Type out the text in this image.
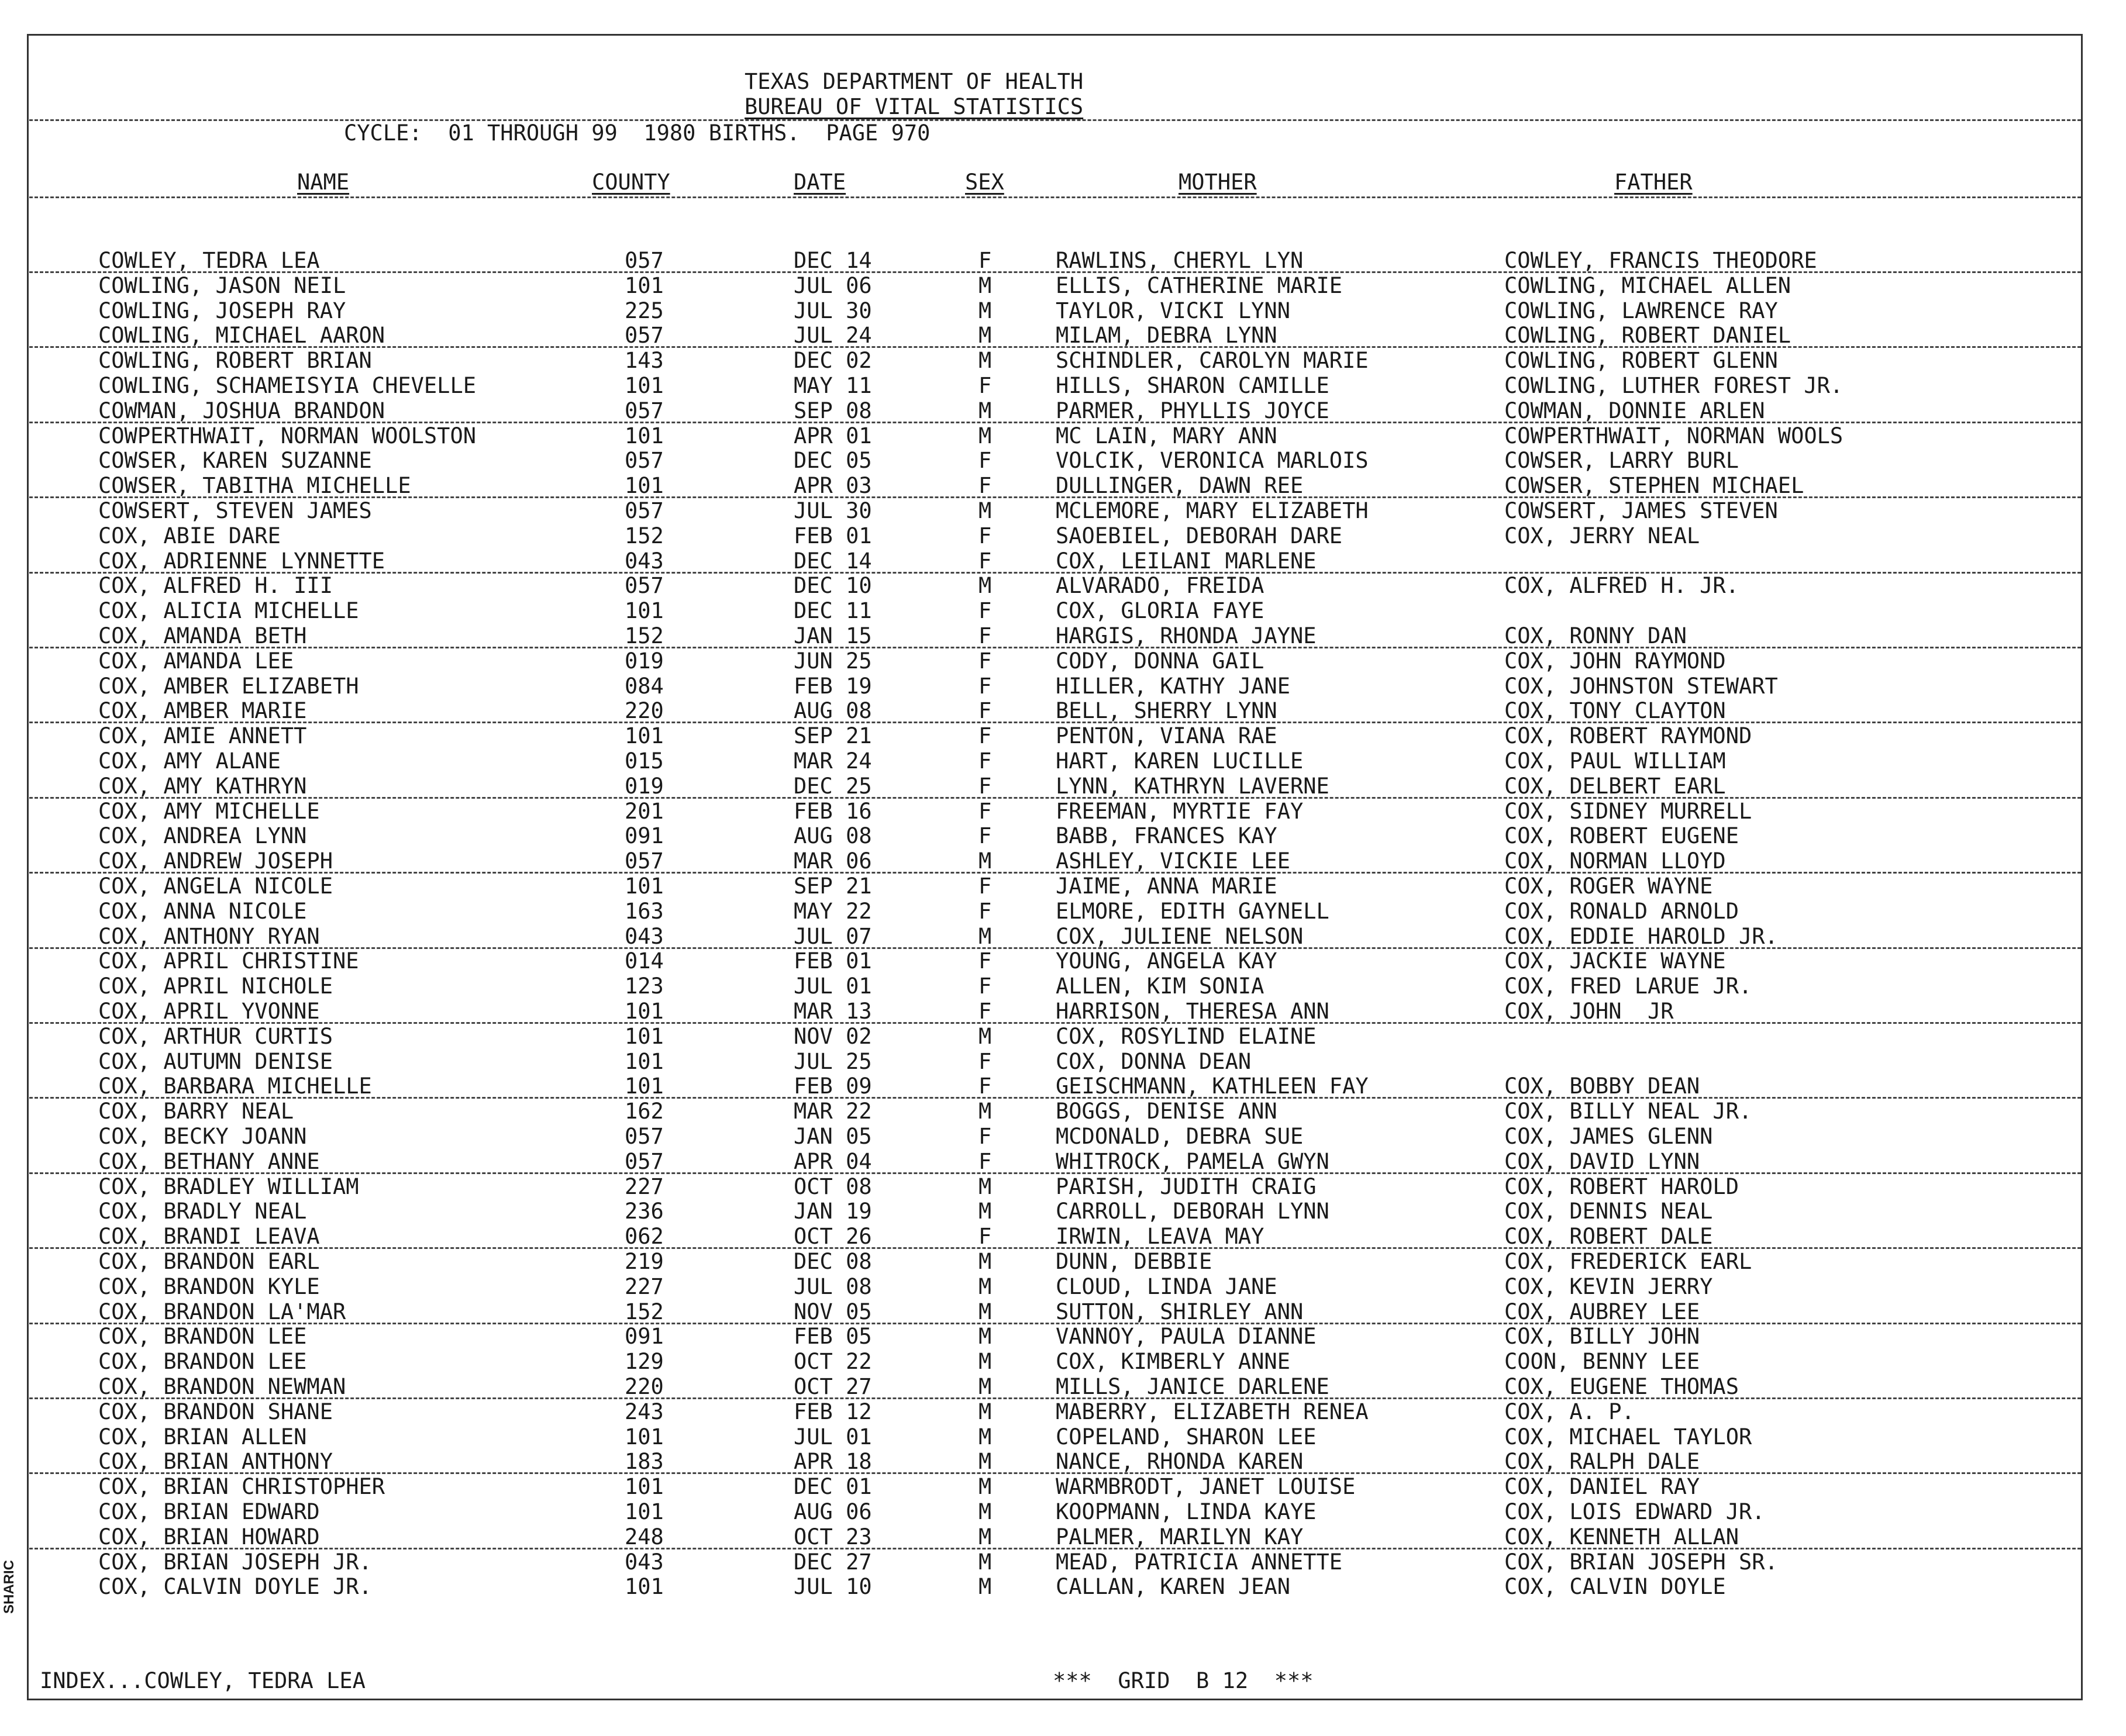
SHARIC
TEXAS DEPARTMENT OF HEALTH
BUREAU OF VITAL STATISTICS
CYCLE:  01 THROUGH 99  1980 BIRTHS.  PAGE 970
NAME	COUNTY	DATE	SEX	MOTHER	FATHER
COWLEY, TEDRA LEA	057	DEC 14	F	RAWLINS, CHERYL LYN	COWLEY, FRANCIS THEODORE
COWLING, JASON NEIL	101	JUL 06	M	ELLIS, CATHERINE MARIE	COWLING, MICHAEL ALLEN
COWLING, JOSEPH RAY	225	JUL 30	M	TAYLOR, VICKI LYNN	COWLING, LAWRENCE RAY
COWLING, MICHAEL AARON	057	JUL 24	M	MILAM, DEBRA LYNN	COWLING, ROBERT DANIEL
COWLING, ROBERT BRIAN	143	DEC 02	M	SCHINDLER, CAROLYN MARIE	COWLING, ROBERT GLENN
COWLING, SCHAMEISYIA CHEVELLE	101	MAY 11	F	HILLS, SHARON CAMILLE	COWLING, LUTHER FOREST JR.
COWMAN, JOSHUA BRANDON	057	SEP 08	M	PARMER, PHYLLIS JOYCE	COWMAN, DONNIE ARLEN
COWPERTHWAIT, NORMAN WOOLSTON	101	APR 01	M	MC LAIN, MARY ANN	COWPERTHWAIT, NORMAN WOOLS
COWSER, KAREN SUZANNE	057	DEC 05	F	VOLCIK, VERONICA MARLOIS	COWSER, LARRY BURL
COWSER, TABITHA MICHELLE	101	APR 03	F	DULLINGER, DAWN REE	COWSER, STEPHEN MICHAEL
COWSERT, STEVEN JAMES	057	JUL 30	M	MCLEMORE, MARY ELIZABETH	COWSERT, JAMES STEVEN
COX, ABIE DARE	152	FEB 01	F	SAOEBIEL, DEBORAH DARE	COX, JERRY NEAL
COX, ADRIENNE LYNNETTE	043	DEC 14	F	COX, LEILANI MARLENE
COX, ALFRED H. III	057	DEC 10	M	ALVARADO, FREIDA	COX, ALFRED H. JR.
COX, ALICIA MICHELLE	101	DEC 11	F	COX, GLORIA FAYE
COX, AMANDA BETH	152	JAN 15	F	HARGIS, RHONDA JAYNE	COX, RONNY DAN
COX, AMANDA LEE	019	JUN 25	F	CODY, DONNA GAIL	COX, JOHN RAYMOND
COX, AMBER ELIZABETH	084	FEB 19	F	HILLER, KATHY JANE	COX, JOHNSTON STEWART
COX, AMBER MARIE	220	AUG 08	F	BELL, SHERRY LYNN	COX, TONY CLAYTON
COX, AMIE ANNETT	101	SEP 21	F	PENTON, VIANA RAE	COX, ROBERT RAYMOND
COX, AMY ALANE	015	MAR 24	F	HART, KAREN LUCILLE	COX, PAUL WILLIAM
COX, AMY KATHRYN	019	DEC 25	F	LYNN, KATHRYN LAVERNE	COX, DELBERT EARL
COX, AMY MICHELLE	201	FEB 16	F	FREEMAN, MYRTIE FAY	COX, SIDNEY MURRELL
COX, ANDREA LYNN	091	AUG 08	F	BABB, FRANCES KAY	COX, ROBERT EUGENE
COX, ANDREW JOSEPH	057	MAR 06	M	ASHLEY, VICKIE LEE	COX, NORMAN LLOYD
COX, ANGELA NICOLE	101	SEP 21	F	JAIME, ANNA MARIE	COX, ROGER WAYNE
COX, ANNA NICOLE	163	MAY 22	F	ELMORE, EDITH GAYNELL	COX, RONALD ARNOLD
COX, ANTHONY RYAN	043	JUL 07	M	COX, JULIENE NELSON	COX, EDDIE HAROLD JR.
COX, APRIL CHRISTINE	014	FEB 01	F	YOUNG, ANGELA KAY	COX, JACKIE WAYNE
COX, APRIL NICHOLE	123	JUL 01	F	ALLEN, KIM SONIA	COX, FRED LARUE JR.
COX, APRIL YVONNE	101	MAR 13	F	HARRISON, THERESA ANN	COX, JOHN  JR
COX, ARTHUR CURTIS	101	NOV 02	M	COX, ROSYLIND ELAINE
COX, AUTUMN DENISE	101	JUL 25	F	COX, DONNA DEAN
COX, BARBARA MICHELLE	101	FEB 09	F	GEISCHMANN, KATHLEEN FAY	COX, BOBBY DEAN
COX, BARRY NEAL	162	MAR 22	M	BOGGS, DENISE ANN	COX, BILLY NEAL JR.
COX, BECKY JOANN	057	JAN 05	F	MCDONALD, DEBRA SUE	COX, JAMES GLENN
COX, BETHANY ANNE	057	APR 04	F	WHITROCK, PAMELA GWYN	COX, DAVID LYNN
COX, BRADLEY WILLIAM	227	OCT 08	M	PARISH, JUDITH CRAIG	COX, ROBERT HAROLD
COX, BRADLY NEAL	236	JAN 19	M	CARROLL, DEBORAH LYNN	COX, DENNIS NEAL
COX, BRANDI LEAVA	062	OCT 26	F	IRWIN, LEAVA MAY	COX, ROBERT DALE
COX, BRANDON EARL	219	DEC 08	M	DUNN, DEBBIE	COX, FREDERICK EARL
COX, BRANDON KYLE	227	JUL 08	M	CLOUD, LINDA JANE	COX, KEVIN JERRY
COX, BRANDON LA'MAR	152	NOV 05	M	SUTTON, SHIRLEY ANN	COX, AUBREY LEE
COX, BRANDON LEE	091	FEB 05	M	VANNOY, PAULA DIANNE	COX, BILLY JOHN
COX, BRANDON LEE	129	OCT 22	M	COX, KIMBERLY ANNE	COON, BENNY LEE
COX, BRANDON NEWMAN	220	OCT 27	M	MILLS, JANICE DARLENE	COX, EUGENE THOMAS
COX, BRANDON SHANE	243	FEB 12	M	MABERRY, ELIZABETH RENEA	COX, A. P.
COX, BRIAN ALLEN	101	JUL 01	M	COPELAND, SHARON LEE	COX, MICHAEL TAYLOR
COX, BRIAN ANTHONY	183	APR 18	M	NANCE, RHONDA KAREN	COX, RALPH DALE
COX, BRIAN CHRISTOPHER	101	DEC 01	M	WARMBRODT, JANET LOUISE	COX, DANIEL RAY
COX, BRIAN EDWARD	101	AUG 06	M	KOOPMANN, LINDA KAYE	COX, LOIS EDWARD JR.
COX, BRIAN HOWARD	248	OCT 23	M	PALMER, MARILYN KAY	COX, KENNETH ALLAN
COX, BRIAN JOSEPH JR.	043	DEC 27	M	MEAD, PATRICIA ANNETTE	COX, BRIAN JOSEPH SR.
COX, CALVIN DOYLE JR.	101	JUL 10	M	CALLAN, KAREN JEAN	COX, CALVIN DOYLE
INDEX...COWLEY, TEDRA LEA	***  GRID  B 12  ***
